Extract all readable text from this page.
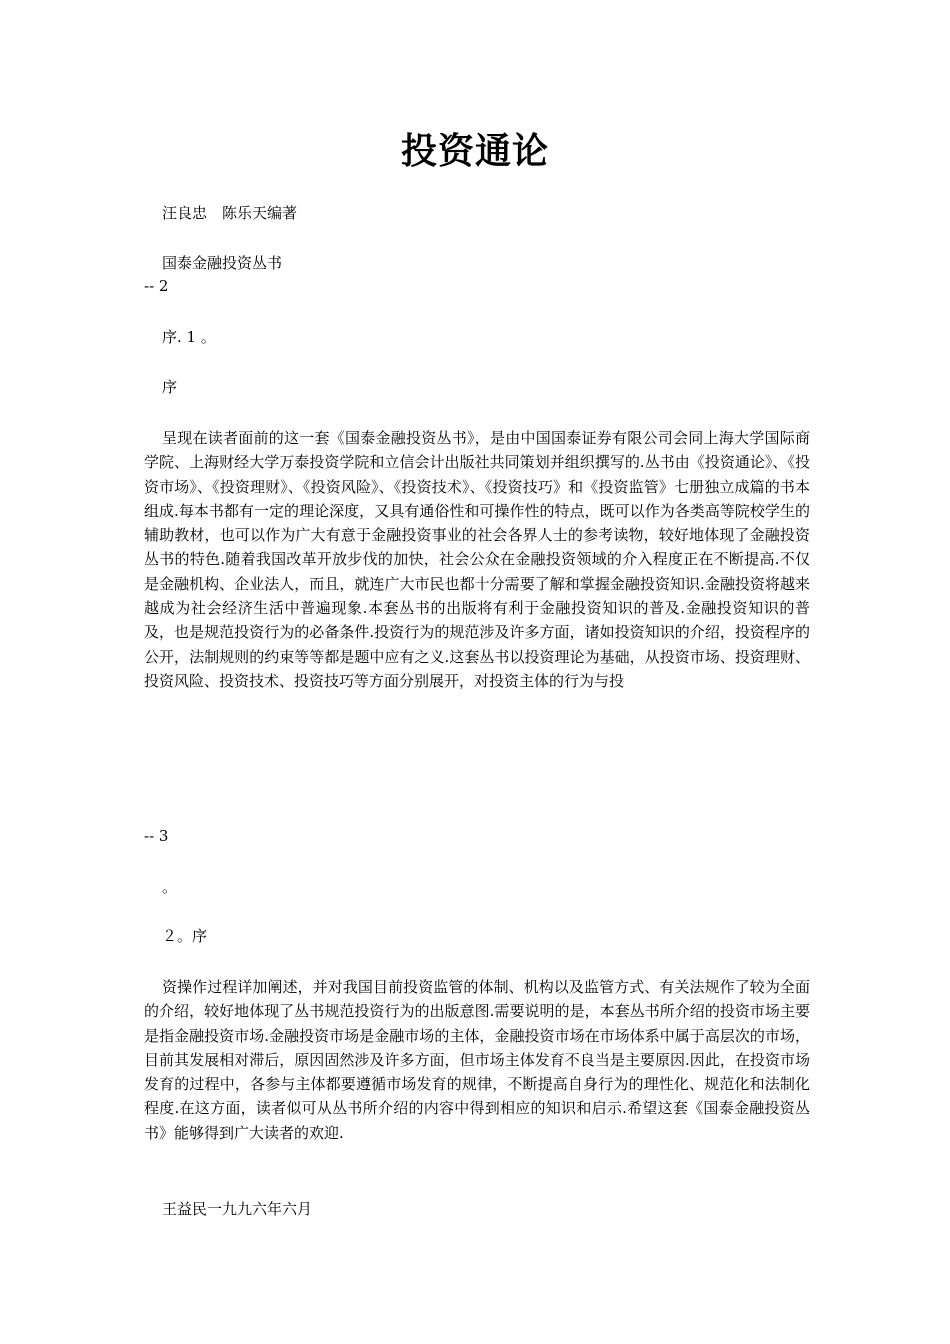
投资通论
汪良忠　陈乐天编著
国泰金融投资丛书
-- 2
序. 1 。
序

呈现在读者面前的这一套《国泰金融投资丛书》，是由中国国泰证券有限公司会同上海大学国际商学院、上海财经大学万泰投资学院和立信会计出版社共同策划并组织撰写的.丛书由《投资通论》、《投资市场》、《投资理财》、《投资风险》、《投资技术》、《投资技巧》和《投资监管》七册独立成篇的书本组成.每本书都有一定的理论深度，又具有通俗性和可操作性的特点，既可以作为各类高等院校学生的辅助教材，也可以作为广大有意于金融投资事业的社会各界人士的参考读物，较好地体现了金融投资丛书的特色.随着我国改革开放步伐的加快，社会公众在金融投资领域的介入程度正在不断提高.不仅是金融机构、企业法人，而且，就连广大市民也都十分需要了解和掌握金融投资知识.金融投资将越来越成为社会经济生活中普遍现象.本套丛书的出版将有利于金融投资知识的普及.金融投资知识的普及，也是规范投资行为的必备条件.投资行为的规范涉及许多方面，诸如投资知识的介绍，投资程序的公开，法制规则的约束等等都是题中应有之义.这套丛书以投资理论为基础，从投资市场、投资理财、投资风险、投资技术、投资技巧等方面分别展开，对投资主体的行为与投

-- 3
。
２。序

资操作过程详加阐述，并对我国目前投资监管的体制、机构以及监管方式、有关法规作了较为全面的介绍，较好地体现了丛书规范投资行为的出版意图.需要说明的是，本套丛书所介绍的投资市场主要是指金融投资市场.金融投资市场是金融市场的主体，金融投资市场在市场体系中属于高层次的市场，目前其发展相对滞后，原因固然涉及许多方面，但市场主体发育不良当是主要原因.因此，在投资市场发育的过程中，各参与主体都要遵循市场发育的规律，不断提高自身行为的理性化、规范化和法制化程度.在这方面，读者似可从丛书所介绍的内容中得到相应的知识和启示.希望这套《国泰金融投资丛书》能够得到广大读者的欢迎.

王益民一九九六年六月
